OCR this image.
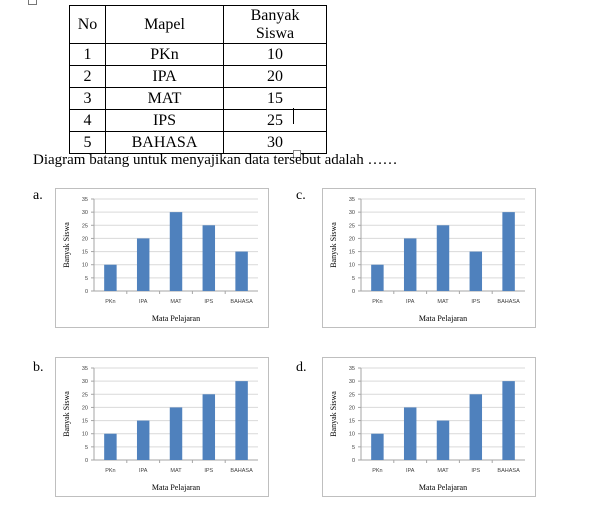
No	Mapel	Banyak
Siswa
1	PKn	10
2	IPA	20
3	MAT	15
4	IPS	25
5	BAHASA	30
Diagram batang untuk menyajikan data tersebut adalah ……
a.	c.
b.	d.
0
5
10
15
20
25
30
35
PKn	IPA	MAT	IPS	BAHASA
Mata Pelajaran
Banyak Siswa
0
5
10
15
20
25
30
35
PKn	IPA	MAT	IPS	BAHASA
Mata Pelajaran
Banyak Siswa
0
5
10
15
20
25
30
35
PKn	IPA	MAT	IPS	BAHASA
Mata Pelajaran
Banyak Siswa
0
5
10
15
20
25
30
35
PKn	IPA	MAT	IPS	BAHASA
Mata Pelajaran
Banyak Siswa
